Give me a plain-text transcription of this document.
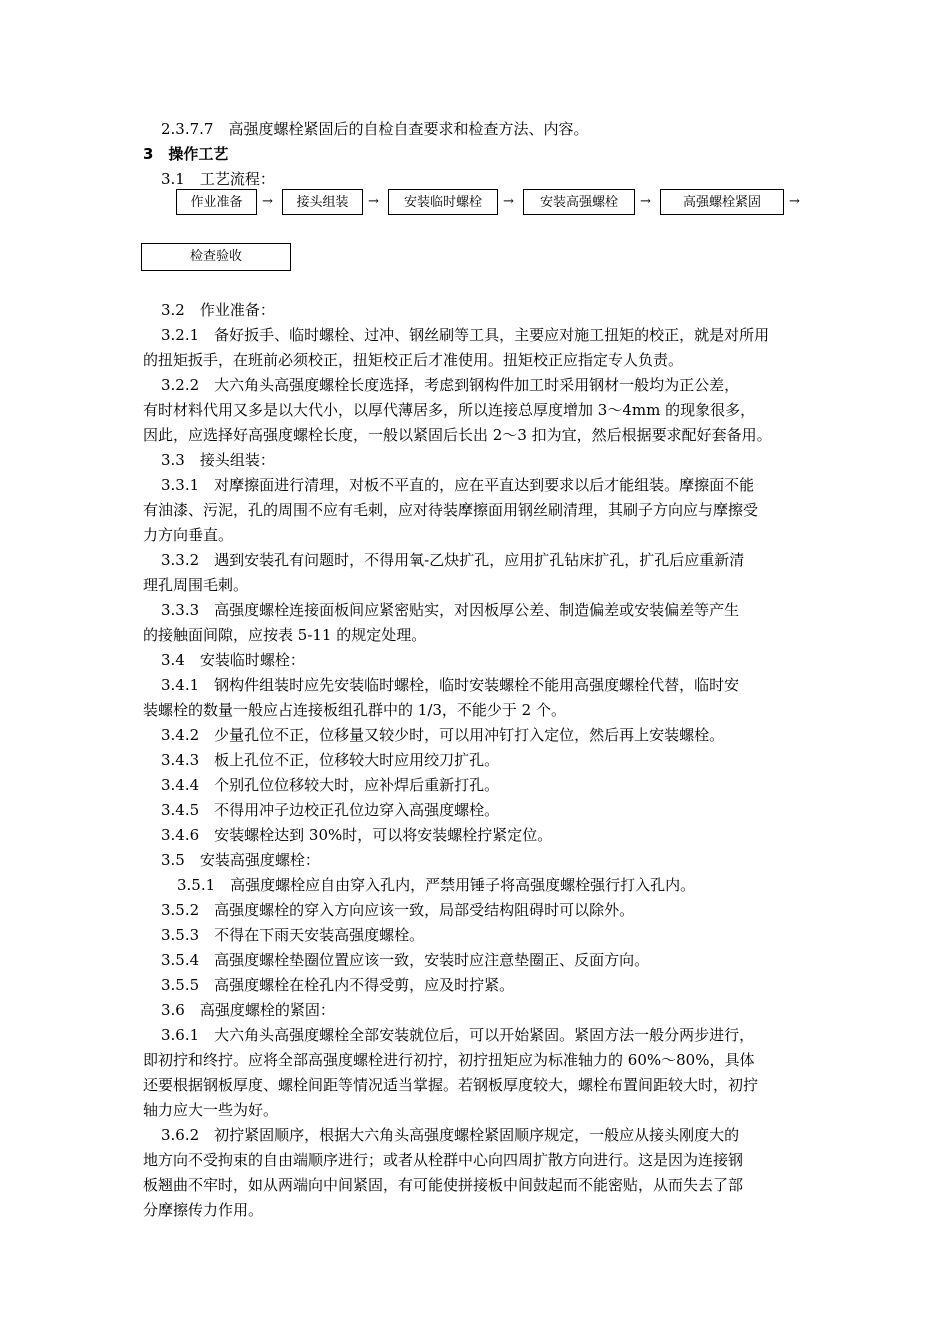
2.3.7.7　高强度螺栓紧固后的自检自查要求和检查方法、内容。
3　操作工艺
3.1　工艺流程：
3.2　作业准备：
3.2.1　备好扳手、临时螺栓、过冲、钢丝刷等工具，主要应对施工扭矩的校正，就是对所用
的扭矩扳手，在班前必须校正，扭矩校正后才准使用。扭矩校正应指定专人负责。
3.2.2　大六角头高强度螺栓长度选择，考虑到钢构件加工时采用钢材一般均为正公差，
有时材料代用又多是以大代小，以厚代薄居多，所以连接总厚度增加 3～4mm 的现象很多，
因此，应选择好高强度螺栓长度，一般以紧固后长出 2～3 扣为宜，然后根据要求配好套备用。
3.3　接头组装：
3.3.1　对摩擦面进行清理，对板不平直的，应在平直达到要求以后才能组装。摩擦面不能
有油漆、污泥，孔的周围不应有毛刺，应对待装摩擦面用钢丝刷清理，其刷子方向应与摩擦受
力方向垂直。
3.3.2　遇到安装孔有问题时，不得用氧-乙炔扩孔，应用扩孔钻床扩孔，扩孔后应重新清
理孔周围毛刺。
3.3.3　高强度螺栓连接面板间应紧密贴实，对因板厚公差、制造偏差或安装偏差等产生
的接触面间隙，应按表 5-11 的规定处理。
3.4　安装临时螺栓：
3.4.1　钢构件组装时应先安装临时螺栓，临时安装螺栓不能用高强度螺栓代替，临时安
装螺栓的数量一般应占连接板组孔群中的 1/3，不能少于 2 个。
3.4.2　少量孔位不正，位移量又较少时，可以用冲钉打入定位，然后再上安装螺栓。
3.4.3　板上孔位不正，位移较大时应用绞刀扩孔。
3.4.4　个别孔位位移较大时，应补焊后重新打孔。
3.4.5　不得用冲子边校正孔位边穿入高强度螺栓。
3.4.6　安装螺栓达到 30%时，可以将安装螺栓拧紧定位。
3.5　安装高强度螺栓：
3.5.1　高强度螺栓应自由穿入孔内，严禁用锤子将高强度螺栓强行打入孔内。
3.5.2　高强度螺栓的穿入方向应该一致，局部受结构阻碍时可以除外。
3.5.3　不得在下雨天安装高强度螺栓。
3.5.4　高强度螺栓垫圈位置应该一致，安装时应注意垫圈正、反面方向。
3.5.5　高强度螺栓在栓孔内不得受剪，应及时拧紧。
3.6　高强度螺栓的紧固：
3.6.1　大六角头高强度螺栓全部安装就位后，可以开始紧固。紧固方法一般分两步进行，
即初拧和终拧。应将全部高强度螺栓进行初拧，初拧扭矩应为标准轴力的 60%～80%，具体
还要根据钢板厚度、螺栓间距等情况适当掌握。若钢板厚度较大，螺栓布置间距较大时，初拧
轴力应大一些为好。
3.6.2　初拧紧固顺序，根据大六角头高强度螺栓紧固顺序规定，一般应从接头刚度大的
地方向不受拘束的自由端顺序进行；或者从栓群中心向四周扩散方向进行。这是因为连接钢
板翘曲不牢时，如从两端向中间紧固，有可能使拼接板中间鼓起而不能密贴，从而失去了部
分摩擦传力作用。
作业准备	→	接头组装	→	安装临时螺栓	→	安装高强螺栓	→	高强螺栓紧固	→
检查验收
